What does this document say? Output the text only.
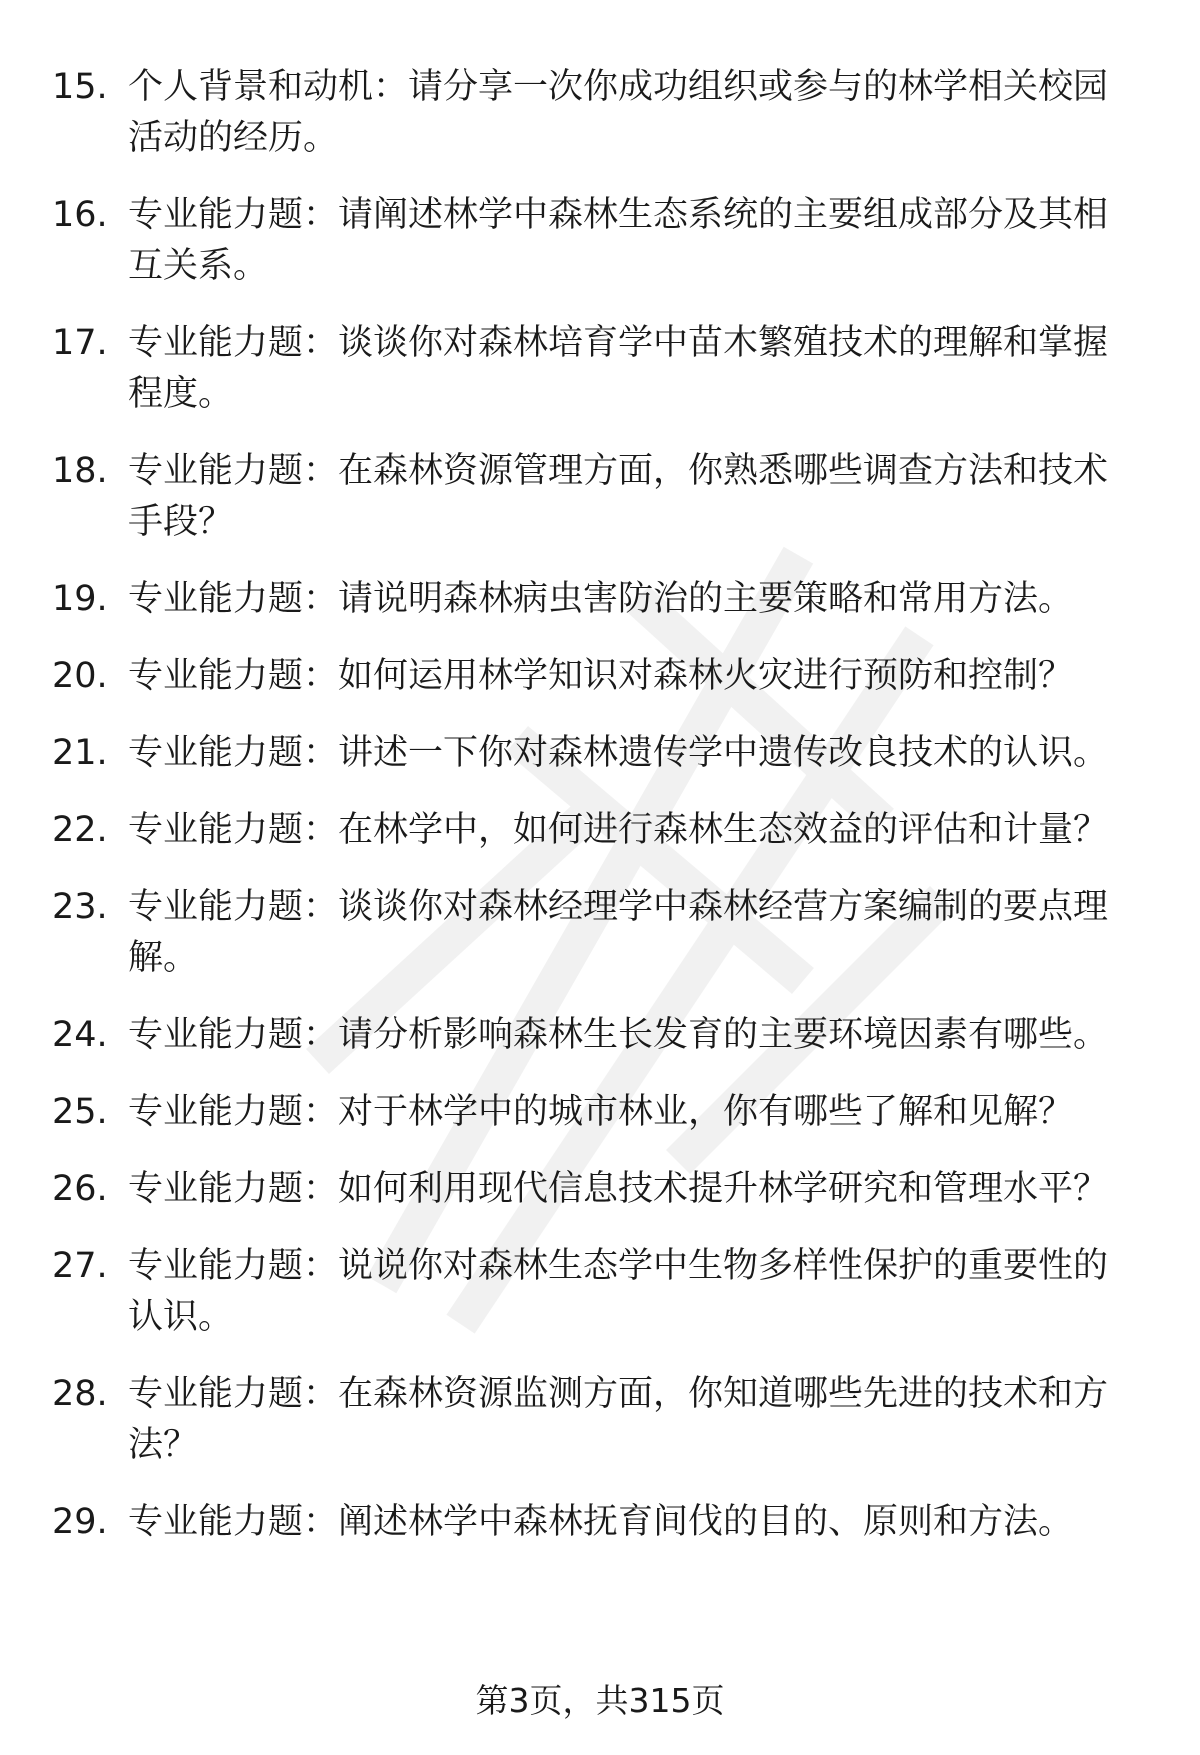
15. 个人背景和动机：请分享一次你成功组织或参与的林学相关校园活动的经历。
16. 专业能力题：请阐述林学中森林生态系统的主要组成部分及其相互关系。
17. 专业能力题：谈谈你对森林培育学中苗木繁殖技术的理解和掌握程度。
18. 专业能力题：在森林资源管理方面，你熟悉哪些调查方法和技术手段？
19. 专业能力题：请说明森林病虫害防治的主要策略和常用方法。
20. 专业能力题：如何运用林学知识对森林火灾进行预防和控制？
21. 专业能力题：讲述一下你对森林遗传学中遗传改良技术的认识。
22. 专业能力题：在林学中，如何进行森林生态效益的评估和计量？
23. 专业能力题：谈谈你对森林经理学中森林经营方案编制的要点理解。
24. 专业能力题：请分析影响森林生长发育的主要环境因素有哪些。
25. 专业能力题：对于林学中的城市林业，你有哪些了解和见解？
26. 专业能力题：如何利用现代信息技术提升林学研究和管理水平？
27. 专业能力题：说说你对森林生态学中生物多样性保护的重要性的认识。
28. 专业能力题：在森林资源监测方面，你知道哪些先进的技术和方法？
29. 专业能力题：阐述林学中森林抚育间伐的目的、原则和方法。
第3页，共315页
